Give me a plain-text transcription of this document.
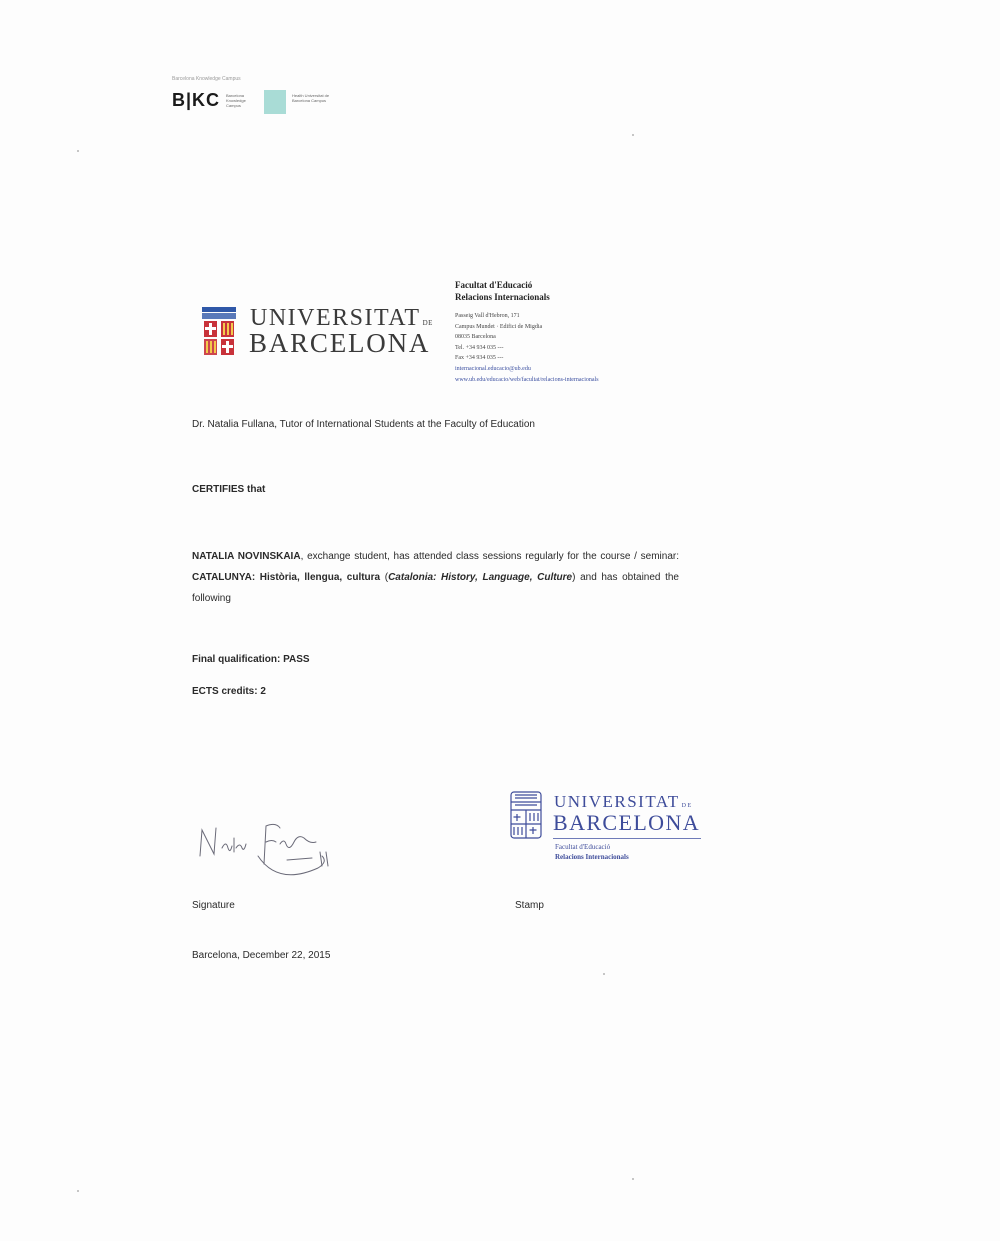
Barcelona Knowledge Campus
B|KC Barcelona Knowledge Campus
Health Universitat de Barcelona Campus
UNIVERSITAT DE
BARCELONA
Facultat d'Educació
Relacions Internacionals
Passeig Vall d'Hebron, 171
Campus Mundet · Edifici de Migdia
08035 Barcelona
Tel. +34 934 035 ---
Fax +34 934 035 ---
internacional.educacio@ub.edu
www.ub.edu/educacio/web/facultat/relacions-internacionals
Dr. Natalia Fullana, Tutor of International Students at the Faculty of Education
CERTIFIES that
NATALIA NOVINSKAIA, exchange student, has attended class sessions regularly for the course / seminar: CATALUNYA: Història, llengua, cultura (Catalonia: History, Language, Culture) and has obtained the following
Final qualification: PASS
ECTS credits: 2
UNIVERSITAT DE
BARCELONA
Facultat d'Educació
Relacions Internacionals
Signature	Stamp
Barcelona, December 22, 2015
